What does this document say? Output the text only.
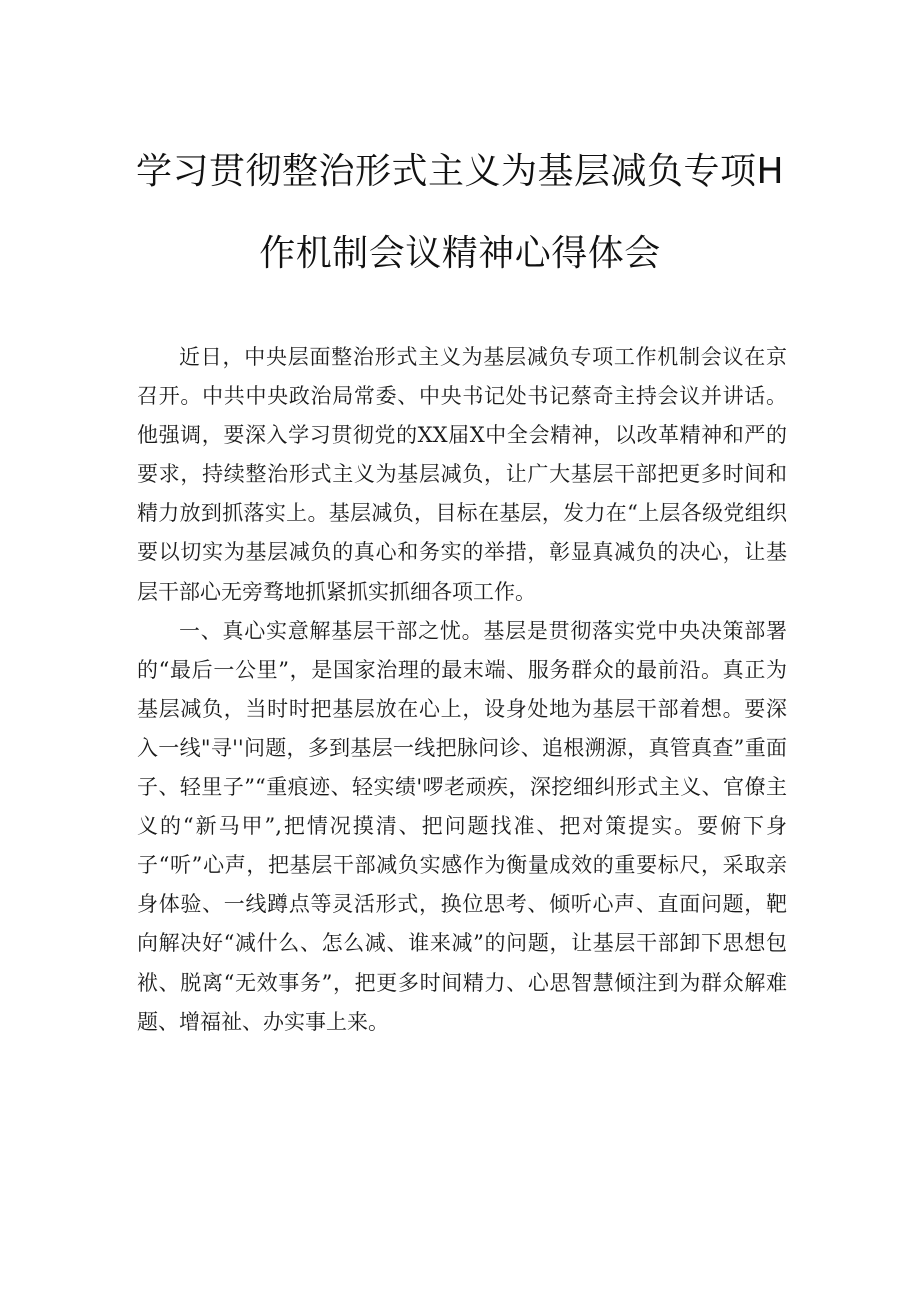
学习贯彻整治形式主义为基层减负专项H
作机制会议精神心得体会

近日，中央层面整治形式主义为基层减负专项工作机制会议在京召开。中共中央政治局常委、中央书记处书记蔡奇主持会议并讲话。他强调，要深入学习贯彻党的XX届X中全会精神，以改革精神和严的要求，持续整治形式主义为基层减负，让广大基层干部把更多时间和精力放到抓落实上。基层减负，目标在基层，发力在“上层各级党组织要以切实为基层减负的真心和务实的举措，彰显真减负的决心，让基层干部心无旁骛地抓紧抓实抓细各项工作。

一、真心实意解基层干部之忧。基层是贯彻落实党中央决策部署的“最后一公里”，是国家治理的最末端、服务群众的最前沿。真正为基层减负，当时时把基层放在心上，设身处地为基层干部着想。要深入一线"寻''问题，多到基层一线把脉问诊、追根溯源，真管真查”重面子、轻里子”“重痕迹、轻实绩'啰老顽疾，深挖细纠形式主义、官僚主义的“新马甲”,把情况摸清、把问题找准、把对策提实。要俯下身子“听”心声，把基层干部减负实感作为衡量成效的重要标尺，采取亲身体验、一线蹲点等灵活形式，换位思考、倾听心声、直面问题，靶向解决好“减什么、怎么减、谁来减”的问题，让基层干部卸下思想包袱、脱离“无效事务”，把更多时间精力、心思智慧倾注到为群众解难题、增福祉、办实事上来。
